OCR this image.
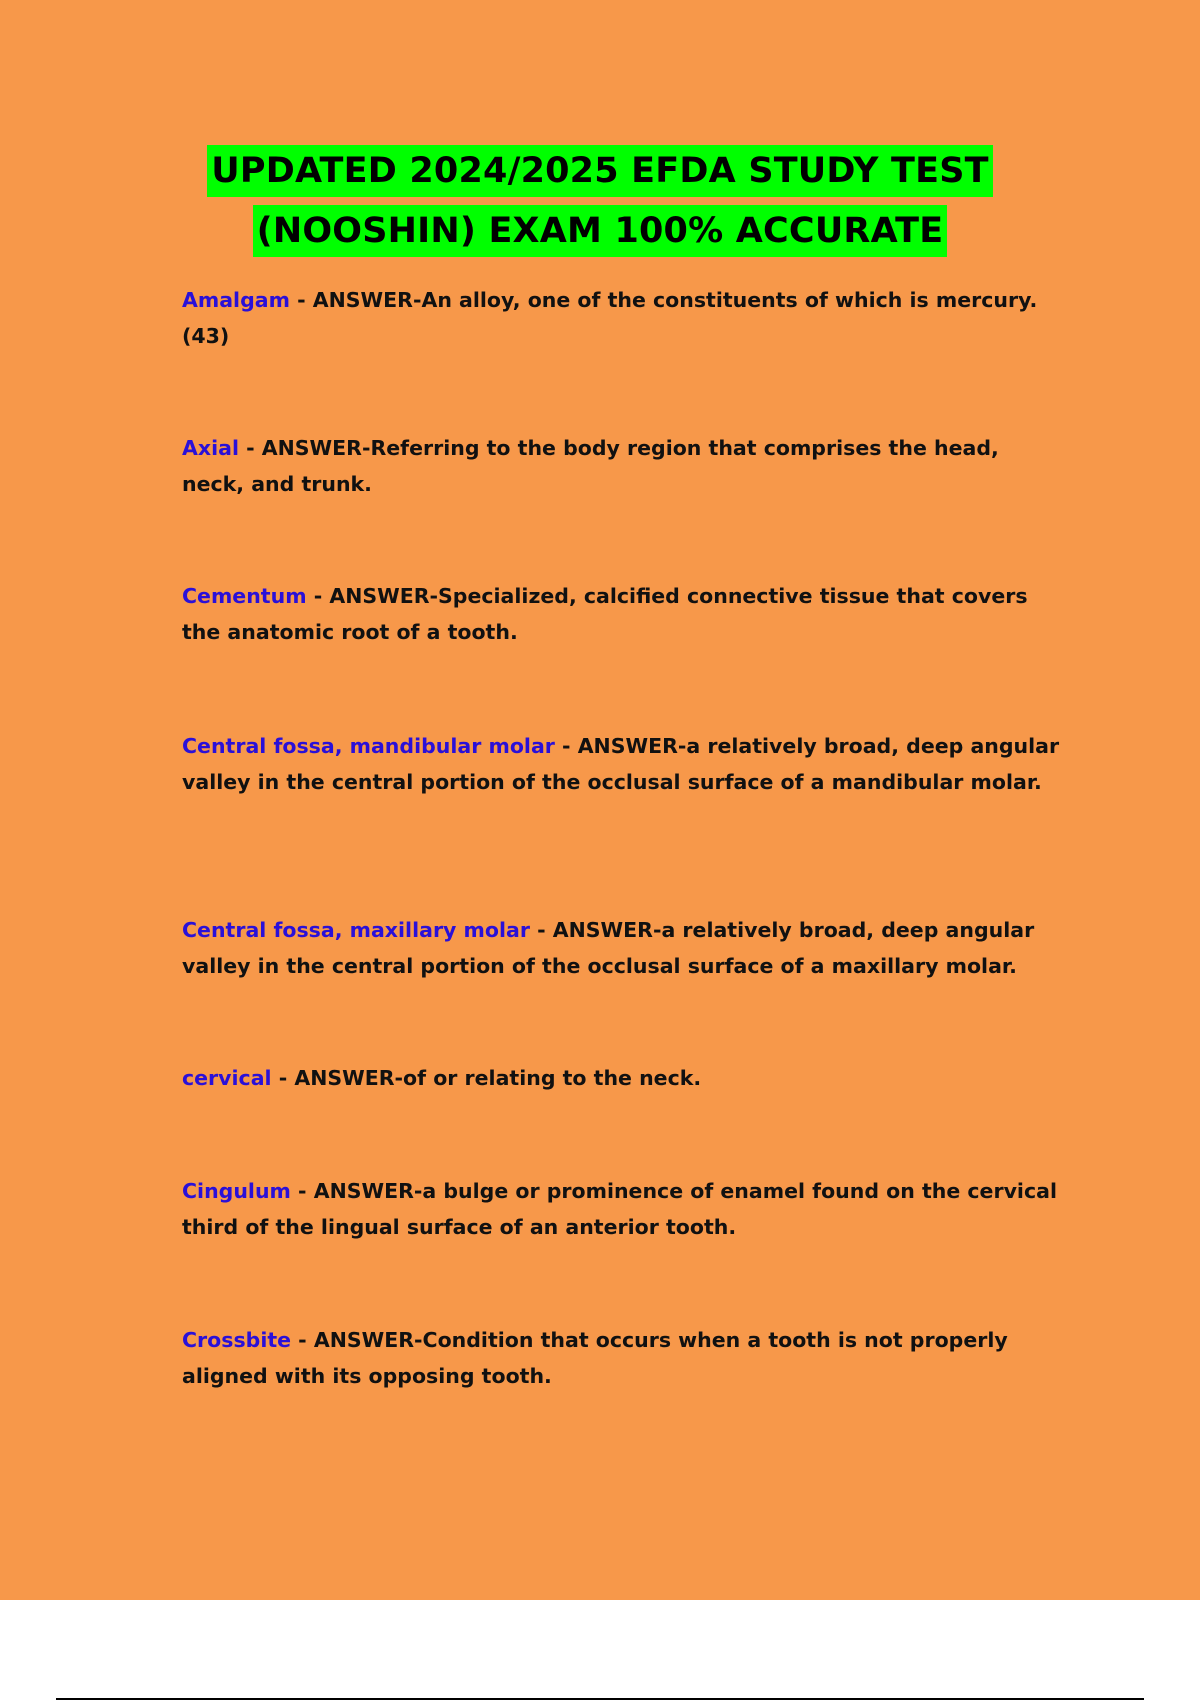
UPDATED 2024/2025 EFDA STUDY TEST
(NOOSHIN) EXAM 100% ACCURATE
Amalgam - ANSWER-An alloy, one of the constituents of which is mercury. (43)
Axial - ANSWER-Referring to the body region that comprises the head, neck, and trunk.
Cementum - ANSWER-Specialized, calcified connective tissue that covers the anatomic root of a tooth.
Central fossa, mandibular molar - ANSWER-a relatively broad, deep angular valley in the central portion of the occlusal surface of a mandibular molar.
Central fossa, maxillary molar - ANSWER-a relatively broad, deep angular valley in the central portion of the occlusal surface of a maxillary molar.
cervical - ANSWER-of or relating to the neck.
Cingulum - ANSWER-a bulge or prominence of enamel found on the cervical third of the lingual surface of an anterior tooth.
Crossbite - ANSWER-Condition that occurs when a tooth is not properly aligned with its opposing tooth.
